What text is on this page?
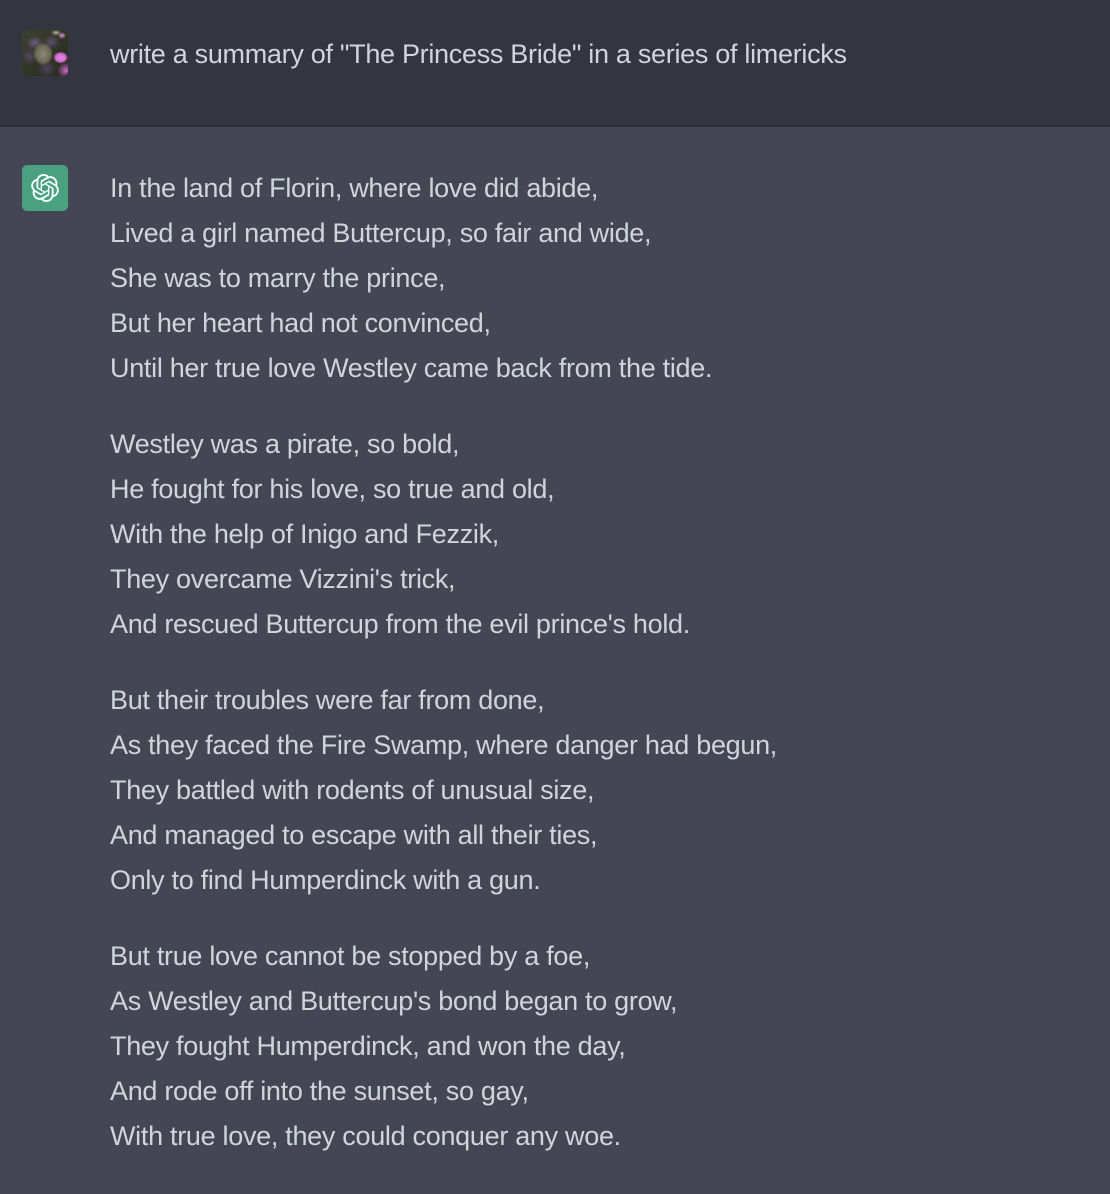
write a summary of "The Princess Bride" in a series of limericks

In the land of Florin, where love did abide,
Lived a girl named Buttercup, so fair and wide,
She was to marry the prince,
But her heart had not convinced,
Until her true love Westley came back from the tide.

Westley was a pirate, so bold,
He fought for his love, so true and old,
With the help of Inigo and Fezzik,
They overcame Vizzini's trick,
And rescued Buttercup from the evil prince's hold.

But their troubles were far from done,
As they faced the Fire Swamp, where danger had begun,
They battled with rodents of unusual size,
And managed to escape with all their ties,
Only to find Humperdinck with a gun.

But true love cannot be stopped by a foe,
As Westley and Buttercup's bond began to grow,
They fought Humperdinck, and won the day,
And rode off into the sunset, so gay,
With true love, they could conquer any woe.
